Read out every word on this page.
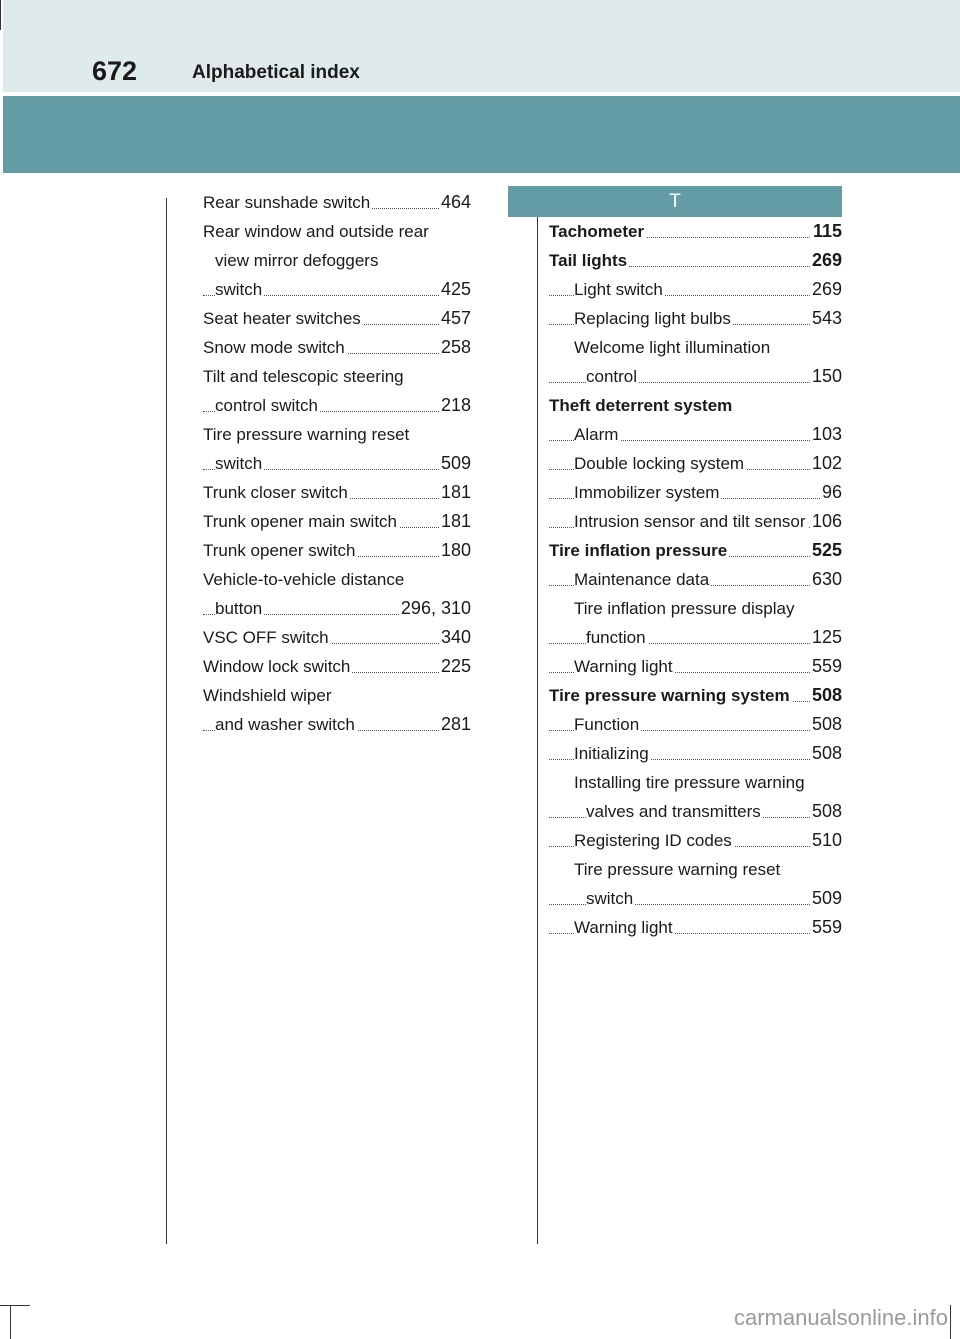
672	Alphabetical index
Rear sunshade switch	464
Rear window and outside rear
view mirror defoggers
switch	425
Seat heater switches	457
Snow mode switch	258
Tilt and telescopic steering
control switch	218
Tire pressure warning reset
switch	509
Trunk closer switch	181
Trunk opener main switch 181
Trunk opener switch	180
Vehicle-to-vehicle distance
button	296, 310
VSC OFF switch	340
Window lock switch	225
Windshield wiper
and washer switch	281
T
Tachometer	115
Tail lights	269
Light switch	269
Replacing light bulbs	543
Welcome light illumination
control	150
Theft deterrent system
Alarm	103
Double locking system	102
Immobilizer system	96
Intrusion sensor and tilt sensor 106
Tire inflation pressure	525
Maintenance data	630
Tire inflation pressure display
function	125
Warning light	559
Tire pressure warning system 508
Function	508
Initializing	508
Installing tire pressure warning
valves and transmitters	508
Registering ID codes	510
Tire pressure warning reset
switch	509
Warning light	559
carmanualsonline.info
